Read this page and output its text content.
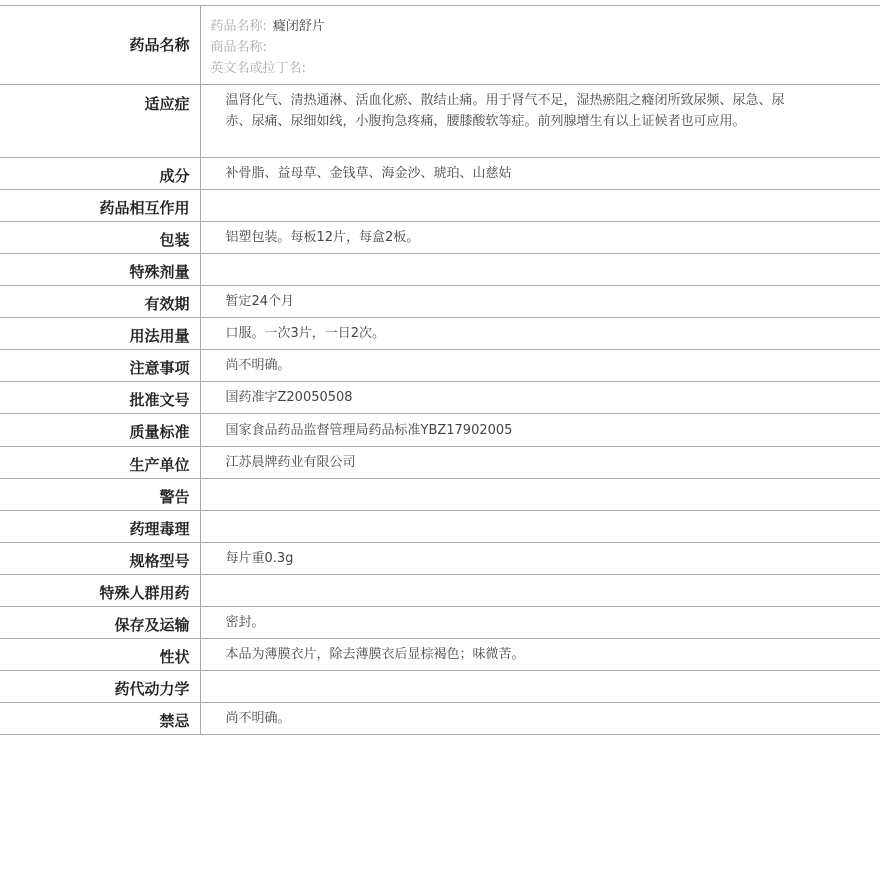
药品名称	药品名称: 癃闭舒片
商品名称:
英文名或拉丁名:

适应症	温肾化气、清热通淋、活血化瘀、散结止痛。用于肾气不足，湿热瘀阻之癃闭所致尿频、尿急、尿赤、尿痛、尿细如线，小腹拘急疼痛，腰膝酸软等症。前列腺增生有以上证候者也可应用。
成分	补骨脂、益母草、金钱草、海金沙、琥珀、山慈姑
药品相互作用	
包装	铝塑包装。每板12片，每盒2板。
特殊剂量	
有效期	暂定24个月
用法用量	口服。一次3片，一日2次。
注意事项	尚不明确。
批准文号	国药准字Z20050508
质量标准	国家食品药品监督管理局药品标准YBZ17902005
生产单位	江苏晨牌药业有限公司
警告	
药理毒理	
规格型号	每片重0.3g
特殊人群用药	
保存及运输	密封。
性状	本品为薄膜衣片，除去薄膜衣后显棕褐色；味微苦。
药代动力学	
禁忌	尚不明确。
